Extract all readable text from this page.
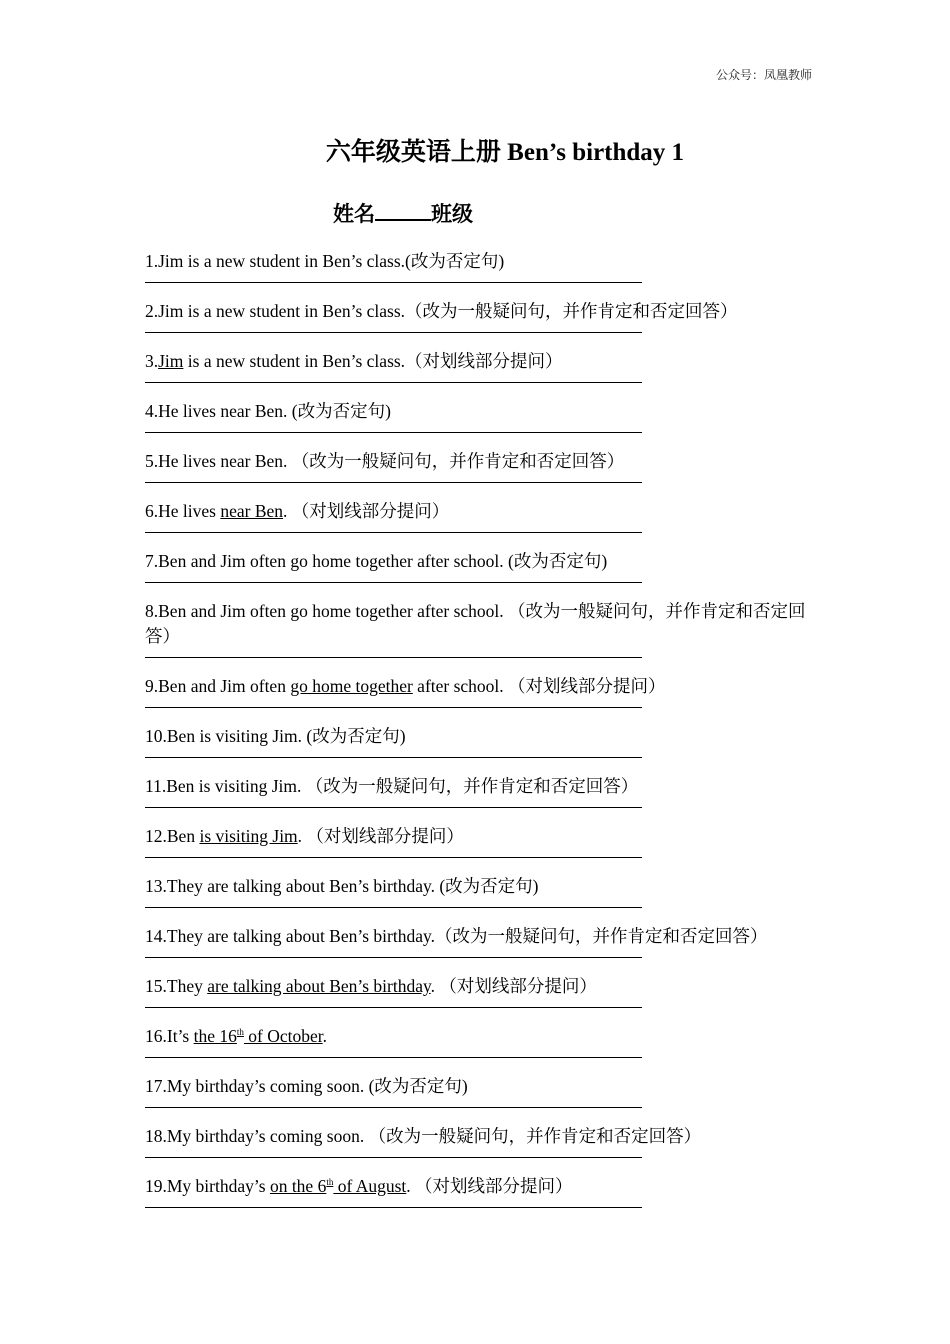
公众号：凤凰教师
六年级英语上册 Ben’s birthday 1
姓名	班级
1.Jim is a new student in Ben’s class.(改为否定句)
2.Jim is a new student in Ben’s class.（改为一般疑问句，并作肯定和否定回答）
3.Jim is a new student in Ben’s class.（对划线部分提问）
4.He lives near Ben. (改为否定句)
5.He lives near Ben. （改为一般疑问句，并作肯定和否定回答）
6.He lives near Ben. （对划线部分提问）
7.Ben and Jim often go home together after school. (改为否定句)
8.Ben and Jim often go home together after school. （改为一般疑问句，并作肯定和否定回答）
9.Ben and Jim often go home together after school. （对划线部分提问）
10.Ben is visiting Jim. (改为否定句)
11.Ben is visiting Jim. （改为一般疑问句，并作肯定和否定回答）
12.Ben is visiting Jim. （对划线部分提问）
13.They are talking about Ben’s birthday. (改为否定句)
14.They are talking about Ben’s birthday.（改为一般疑问句，并作肯定和否定回答）
15.They are talking about Ben’s birthday. （对划线部分提问）
16.It’s the 16th of October.
17.My birthday’s coming soon. (改为否定句)
18.My birthday’s coming soon. （改为一般疑问句，并作肯定和否定回答）
19.My birthday’s on the 6th of August. （对划线部分提问）
